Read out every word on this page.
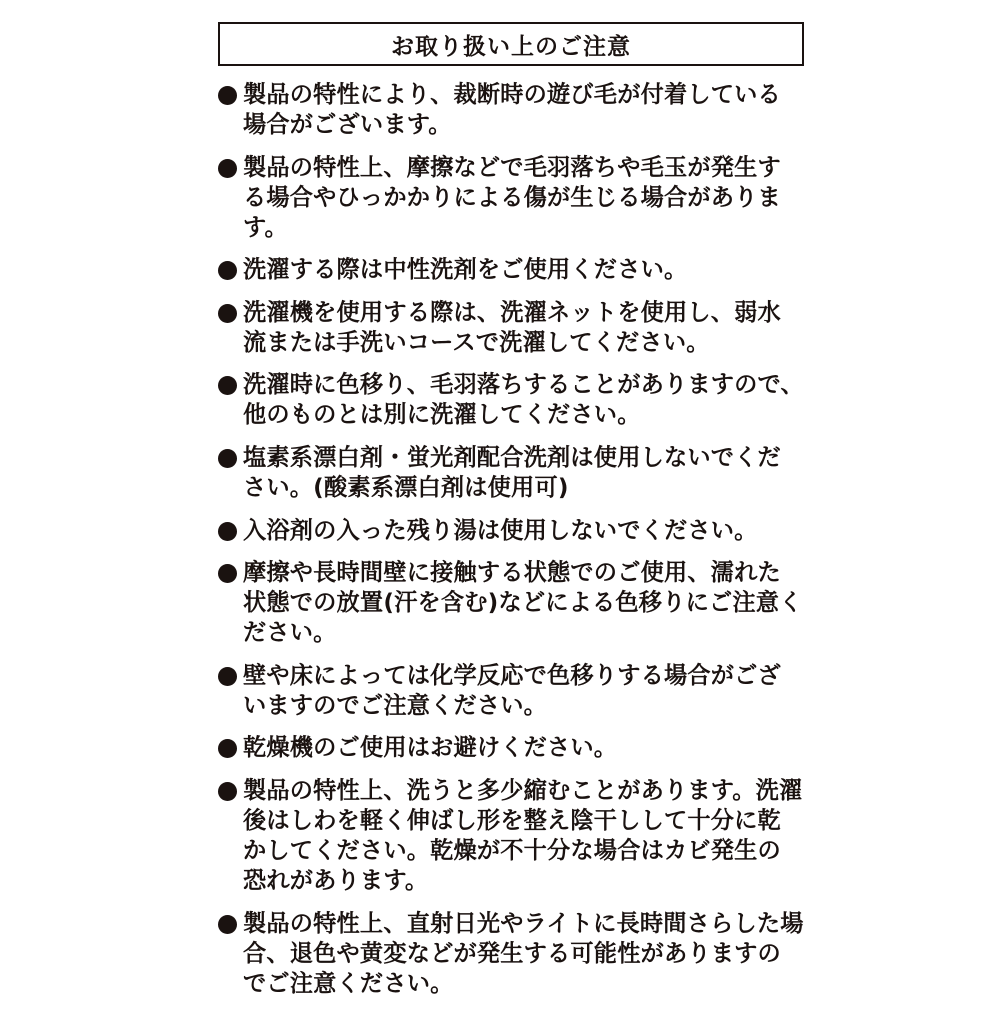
お取り扱い上のご注意
製品の特性により、裁断時の遊び毛が付着している場合がございます。
製品の特性上、摩擦などで毛羽落ちや毛玉が発生する場合やひっかかりによる傷が生じる場合があります。
洗濯する際は中性洗剤をご使用ください。
洗濯機を使用する際は、洗濯ネットを使用し、弱水流または手洗いコースで洗濯してください。
洗濯時に色移り、毛羽落ちすることがありますので、他のものとは別に洗濯してください。
塩素系漂白剤・蛍光剤配合洗剤は使用しないでください。(酸素系漂白剤は使用可)
入浴剤の入った残り湯は使用しないでください。
摩擦や長時間壁に接触する状態でのご使用、濡れた状態での放置(汗を含む)などによる色移りにご注意ください。
壁や床によっては化学反応で色移りする場合がございますのでご注意ください。
乾燥機のご使用はお避けください。
製品の特性上、洗うと多少縮むことがあります。洗濯後はしわを軽く伸ばし形を整え陰干しして十分に乾かしてください。乾燥が不十分な場合はカビ発生の恐れがあります。
製品の特性上、直射日光やライトに長時間さらした場合、退色や黄変などが発生する可能性がありますのでご注意ください。
